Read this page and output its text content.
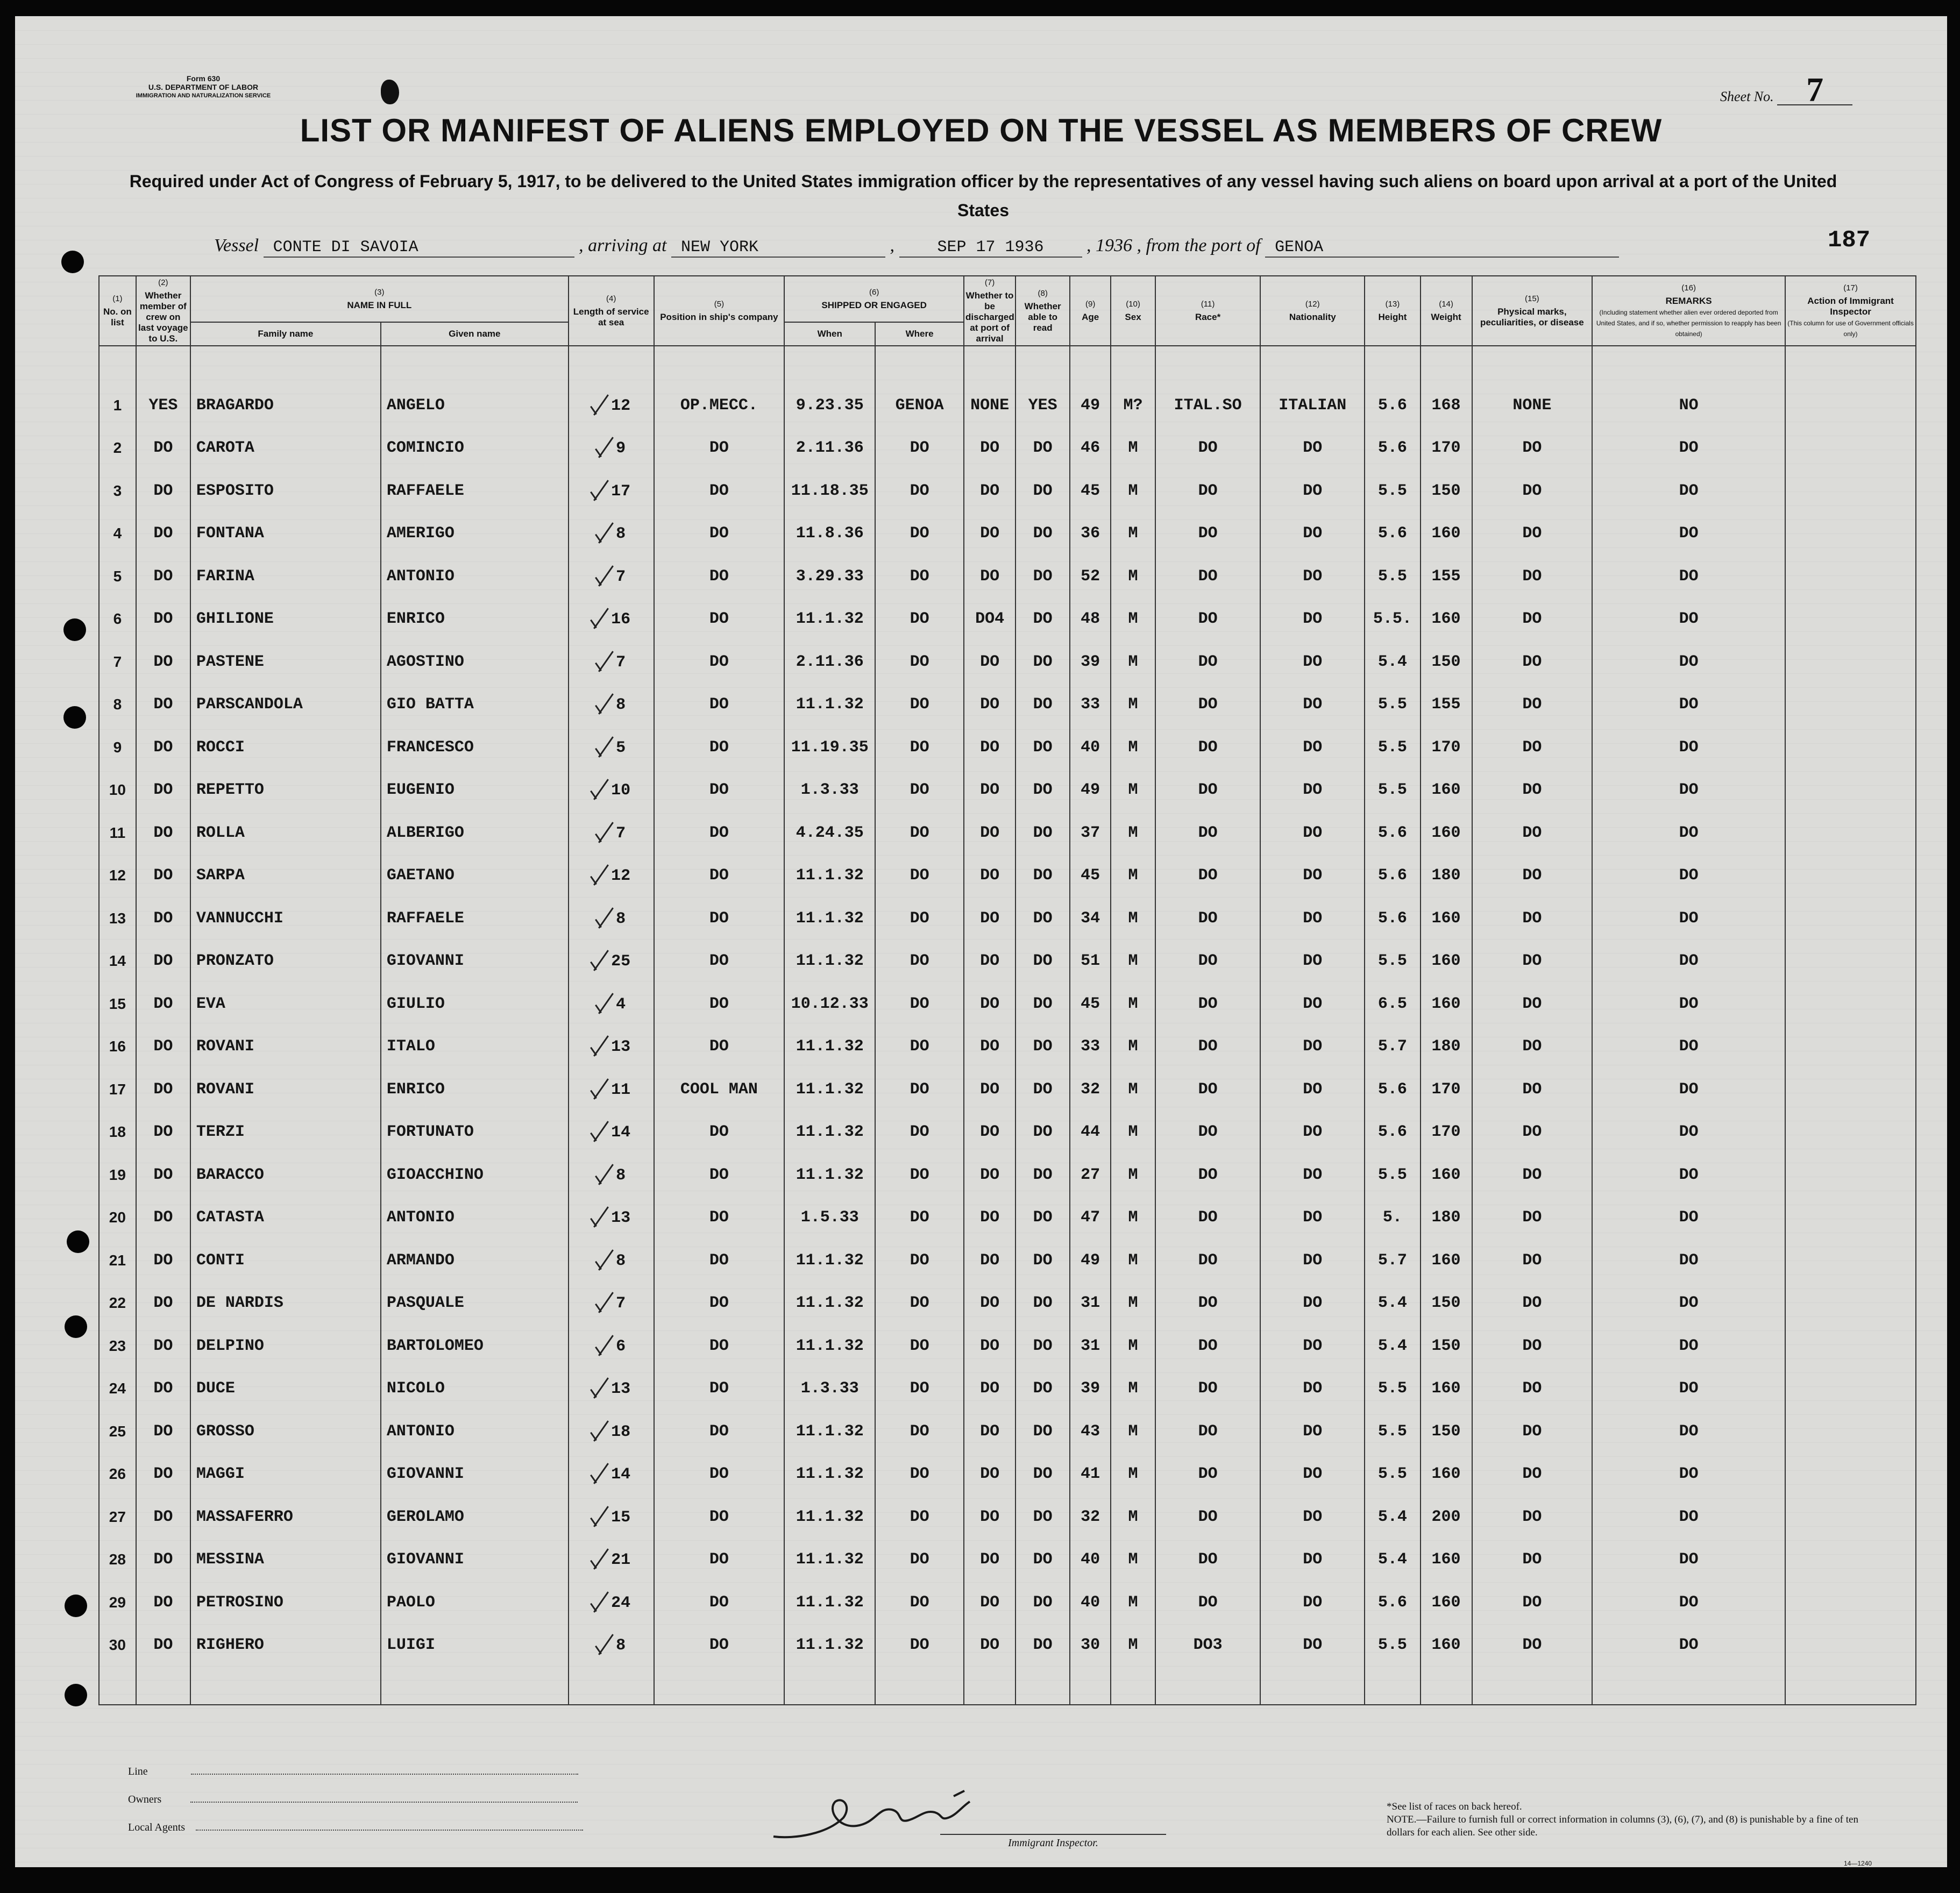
Form 630
U.S. DEPARTMENT OF LABOR
IMMIGRATION AND NATURALIZATION SERVICE	Sheet No. 7
LIST OR MANIFEST OF ALIENS EMPLOYED ON THE VESSEL AS MEMBERS OF CREW
Required under Act of Congress of February 5, 1917, to be delivered to the United States immigration officer by the representatives of any vessel having such aliens on board upon arrival at a port of the United States
Vessel CONTE DI SAVOIA	, arriving at NEW YORK	,	SEP 17 1936 , 1936 , from the port of GENOA	187
(1)
No. on list	(2)
Whether member of crew on last voyage to U.S.	(3)
NAME IN FULL		(4)
Length of service at sea	(5)
Position in ship's company	(6)
SHIPPED OR ENGAGED		(7)
Whether to be discharged at port of arrival	(8)
Whether able to read	(9)
Age	(10)
Sex	(11)
Race*	(12)
Nationality	(13)
Height	(14)
Weight	(15)
Physical marks, peculiarities, or disease	(16)
REMARKS
(Including statement whether alien ever ordered deported from United States, and if so, whether permission to reapply has been obtained)	(17)
Action of Immigrant Inspector
(This column for use of Government officials only)
		Family name	Given name			When	Where											

1	YES	BRAGARDO	ANGELO	12	OP.MECC.	9.23.35	GENOA	NONE	YES	49	M?	ITAL.SO	ITALIAN	5.6	168	NONE	NO	
2	DO	CAROTA	COMINCIO	9	DO	2.11.36	DO	DO	DO	46	M	DO	DO	5.6	170	DO	DO	
3	DO	ESPOSITO	RAFFAELE	17	DO	11.18.35	DO	DO	DO	45	M	DO	DO	5.5	150	DO	DO	
4	DO	FONTANA	AMERIGO	8	DO	11.8.36	DO	DO	DO	36	M	DO	DO	5.6	160	DO	DO	
5	DO	FARINA	ANTONIO	7	DO	3.29.33	DO	DO	DO	52	M	DO	DO	5.5	155	DO	DO	
6	DO	GHILIONE	ENRICO	16	DO	11.1.32	DO	DO4	DO	48	M	DO	DO	5.5.	160	DO	DO	
7	DO	PASTENE	AGOSTINO	7	DO	2.11.36	DO	DO	DO	39	M	DO	DO	5.4	150	DO	DO	
8	DO	PARSCANDOLA	GIO BATTA	8	DO	11.1.32	DO	DO	DO	33	M	DO	DO	5.5	155	DO	DO	
9	DO	ROCCI	FRANCESCO	5	DO	11.19.35	DO	DO	DO	40	M	DO	DO	5.5	170	DO	DO	
10	DO	REPETTO	EUGENIO	10	DO	1.3.33	DO	DO	DO	49	M	DO	DO	5.5	160	DO	DO	
11	DO	ROLLA	ALBERIGO	7	DO	4.24.35	DO	DO	DO	37	M	DO	DO	5.6	160	DO	DO	
12	DO	SARPA	GAETANO	12	DO	11.1.32	DO	DO	DO	45	M	DO	DO	5.6	180	DO	DO	
13	DO	VANNUCCHI	RAFFAELE	8	DO	11.1.32	DO	DO	DO	34	M	DO	DO	5.6	160	DO	DO	
14	DO	PRONZATO	GIOVANNI	25	DO	11.1.32	DO	DO	DO	51	M	DO	DO	5.5	160	DO	DO	
15	DO	EVA	GIULIO	4	DO	10.12.33	DO	DO	DO	45	M	DO	DO	6.5	160	DO	DO	
16	DO	ROVANI	ITALO	13	DO	11.1.32	DO	DO	DO	33	M	DO	DO	5.7	180	DO	DO	
17	DO	ROVANI	ENRICO	11	COOL MAN	11.1.32	DO	DO	DO	32	M	DO	DO	5.6	170	DO	DO	
18	DO	TERZI	FORTUNATO	14	DO	11.1.32	DO	DO	DO	44	M	DO	DO	5.6	170	DO	DO	
19	DO	BARACCO	GIOACCHINO	8	DO	11.1.32	DO	DO	DO	27	M	DO	DO	5.5	160	DO	DO	
20	DO	CATASTA	ANTONIO	13	DO	1.5.33	DO	DO	DO	47	M	DO	DO	5.	180	DO	DO	
21	DO	CONTI	ARMANDO	8	DO	11.1.32	DO	DO	DO	49	M	DO	DO	5.7	160	DO	DO	
22	DO	DE NARDIS	PASQUALE	7	DO	11.1.32	DO	DO	DO	31	M	DO	DO	5.4	150	DO	DO	
23	DO	DELPINO	BARTOLOMEO	6	DO	11.1.32	DO	DO	DO	31	M	DO	DO	5.4	150	DO	DO	
24	DO	DUCE	NICOLO	13	DO	1.3.33	DO	DO	DO	39	M	DO	DO	5.5	160	DO	DO	
25	DO	GROSSO	ANTONIO	18	DO	11.1.32	DO	DO	DO	43	M	DO	DO	5.5	150	DO	DO	
26	DO	MAGGI	GIOVANNI	14	DO	11.1.32	DO	DO	DO	41	M	DO	DO	5.5	160	DO	DO	
27	DO	MASSAFERRO	GEROLAMO	15	DO	11.1.32	DO	DO	DO	32	M	DO	DO	5.4	200	DO	DO	
28	DO	MESSINA	GIOVANNI	21	DO	11.1.32	DO	DO	DO	40	M	DO	DO	5.4	160	DO	DO	
29	DO	PETROSINO	PAOLO	24	DO	11.1.32	DO	DO	DO	40	M	DO	DO	5.6	160	DO	DO	
30	DO	RIGHERO	LUIGI	8	DO	11.1.32	DO	DO	DO	30	M	DO3	DO	5.5	160	DO	DO	

Line
Owners
Local Agents
Immigrant Inspector.
*See list of races on back hereof.
NOTE.—Failure to furnish full or correct information in columns (3), (6), (7), and (8) is punishable by a fine of ten dollars for each alien. See other side.
14—1240
